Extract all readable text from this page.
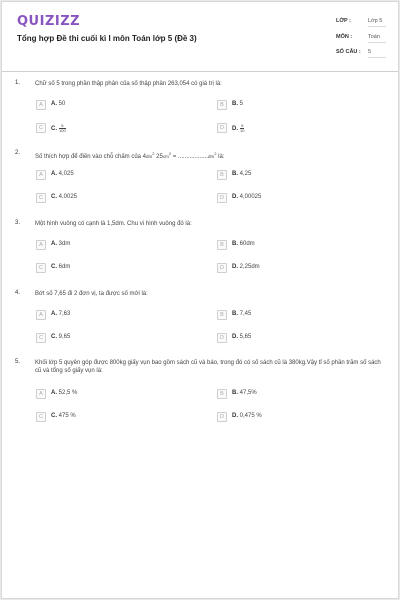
QUIZIZZ
Tổng hợp Đề thi cuối kì I môn Toán lớp 5 (Đề 3)
LỚP :	Lớp 5
MÔN :	Toán
SỐ CÂU : 5
1. Chữ số 5 trong phần thập phân của số thập phân 263,054 có giá trị là:
A	A. 50	B	B. 5
C	C. $\frac{5}{100}$	D	D. $\frac{5}{10}$
2.
Số thích hợp để điền vào chỗ chấm của $4dm^2$ $25cm^2 = ..................dm^2$ là:
A	A. 4,025	B	B. 4,25
C	C. 4,0025	D	D. 4,00025
3. Một hình vuông có cạnh là 1,5dm. Chu vi hình vuông đó là:
A	A. 3dm	B	B. 60dm
C	C. 6dm	D	D. 2,25dm
4. Bớt số 7,65 đi 2 đơn vị, ta được số mới là:
A	A. 7,63	B	B. 7,45
C	C. 9,65	D	D. 5,65
5. Khối lớp 5 quyên góp được 800kg giấy vụn bao gồm sách cũ và báo, trong đó có số sách cũ là 380kg.Vậy tỉ số phần trăm số sách cũ và tổng số giấy vụn là:
A	A. 52,5 %	B	B. 47,5%
C	C. 475 %	D	D. 0,475 %
